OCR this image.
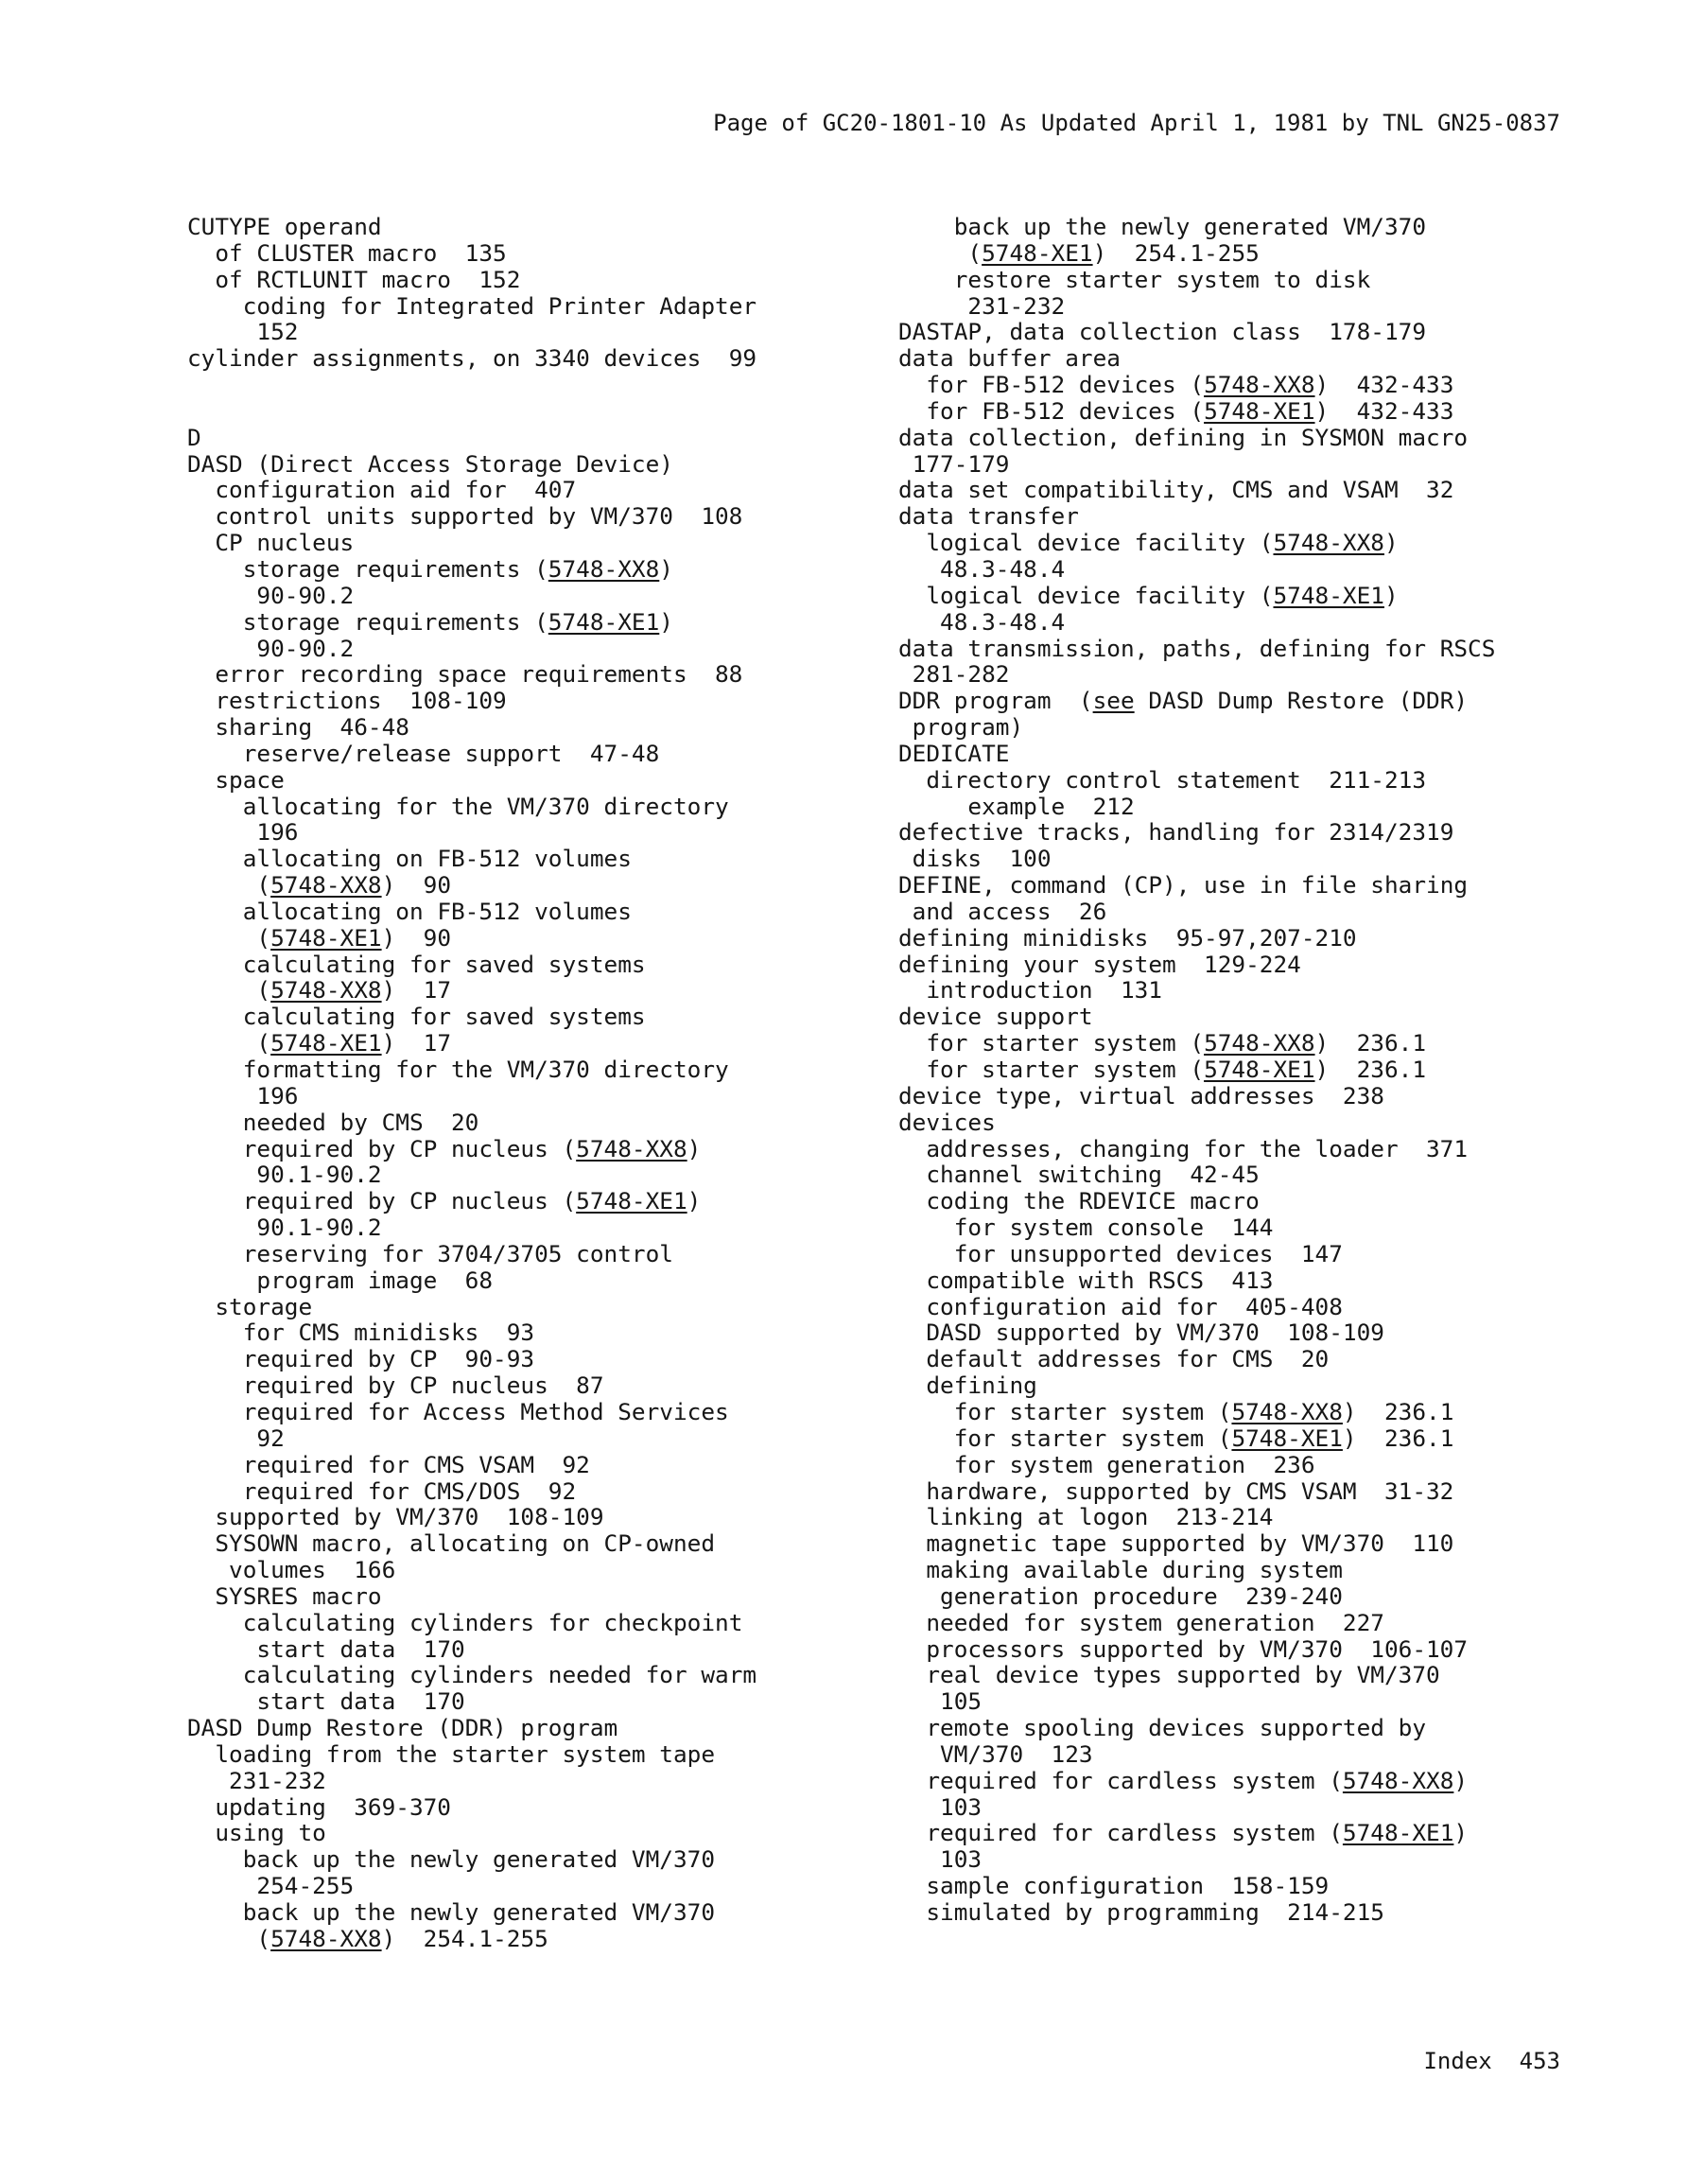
Page of GC20-1801-10 As Updated April 1, 1981 by TNL GN25-0837
CUTYPE operand
of CLUSTER macro  135
of RCTLUNIT macro  152
coding for Integrated Printer Adapter
152
cylinder assignments, on 3340 devices  99
D
DASD (Direct Access Storage Device)
configuration aid for  407
control units supported by VM/370  108
CP nucleus
storage requirements (5748-XX8)
90-90.2
storage requirements (5748-XE1)
90-90.2
error recording space requirements  88
restrictions  108-109
sharing  46-48
reserve/release support  47-48
space
allocating for the VM/370 directory
196
allocating on FB-512 volumes
(5748-XX8)  90
allocating on FB-512 volumes
(5748-XE1)  90
calculating for saved systems
(5748-XX8)  17
calculating for saved systems
(5748-XE1)  17
formatting for the VM/370 directory
196
needed by CMS  20
required by CP nucleus (5748-XX8)
90.1-90.2
required by CP nucleus (5748-XE1)
90.1-90.2
reserving for 3704/3705 control
program image  68
storage
for CMS minidisks  93
required by CP  90-93
required by CP nucleus  87
required for Access Method Services
92
required for CMS VSAM  92
required for CMS/DOS  92
supported by VM/370  108-109
SYSOWN macro, allocating on CP-owned
volumes  166
SYSRES macro
calculating cylinders for checkpoint
start data  170
calculating cylinders needed for warm
start data  170
DASD Dump Restore (DDR) program
loading from the starter system tape
231-232
updating  369-370
using to
back up the newly generated VM/370
254-255
back up the newly generated VM/370
(5748-XX8)  254.1-255
back up the newly generated VM/370
(5748-XE1)  254.1-255
restore starter system to disk
231-232
DASTAP, data collection class  178-179
data buffer area
for FB-512 devices (5748-XX8)  432-433
for FB-512 devices (5748-XE1)  432-433
data collection, defining in SYSMON macro
177-179
data set compatibility, CMS and VSAM  32
data transfer
logical device facility (5748-XX8)
48.3-48.4
logical device facility (5748-XE1)
48.3-48.4
data transmission, paths, defining for RSCS
281-282
DDR program  (see DASD Dump Restore (DDR)
program)
DEDICATE
directory control statement  211-213
example  212
defective tracks, handling for 2314/2319
disks  100
DEFINE, command (CP), use in file sharing
and access  26
defining minidisks  95-97,207-210
defining your system  129-224
introduction  131
device support
for starter system (5748-XX8)  236.1
for starter system (5748-XE1)  236.1
device type, virtual addresses  238
devices
addresses, changing for the loader  371
channel switching  42-45
coding the RDEVICE macro
for system console  144
for unsupported devices  147
compatible with RSCS  413
configuration aid for  405-408
DASD supported by VM/370  108-109
default addresses for CMS  20
defining
for starter system (5748-XX8)  236.1
for starter system (5748-XE1)  236.1
for system generation  236
hardware, supported by CMS VSAM  31-32
linking at logon  213-214
magnetic tape supported by VM/370  110
making available during system
generation procedure  239-240
needed for system generation  227
processors supported by VM/370  106-107
real device types supported by VM/370
105
remote spooling devices supported by
VM/370  123
required for cardless system (5748-XX8)
103
required for cardless system (5748-XE1)
103
sample configuration  158-159
simulated by programming  214-215
Index 453
